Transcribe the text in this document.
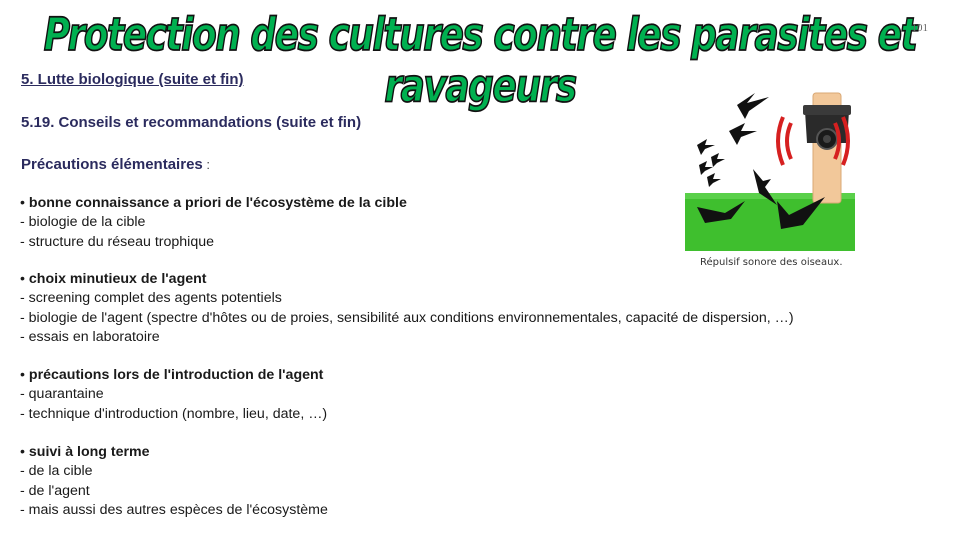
Protection des cultures contre les parasites et ravageurs
101
5. Lutte biologique (suite et fin)
5.19. Conseils et recommandations (suite et fin)
Précautions élémentaires :
• bonne connaissance a priori de l'écosystème de la cible
- biologie de la cible
- structure du réseau trophique
• choix minutieux de l'agent
- screening complet des agents potentiels
- biologie de l'agent (spectre d'hôtes ou de proies, sensibilité aux conditions environnementales, capacité de dispersion, …)
- essais en laboratoire
• précautions lors de l'introduction de l'agent
- quarantaine
- technique d'introduction (nombre, lieu, date, …)
• suivi à long terme
- de la cible
- de l'agent
- mais aussi des autres espèces de l'écosystème
Répulsif sonore des oiseaux.
